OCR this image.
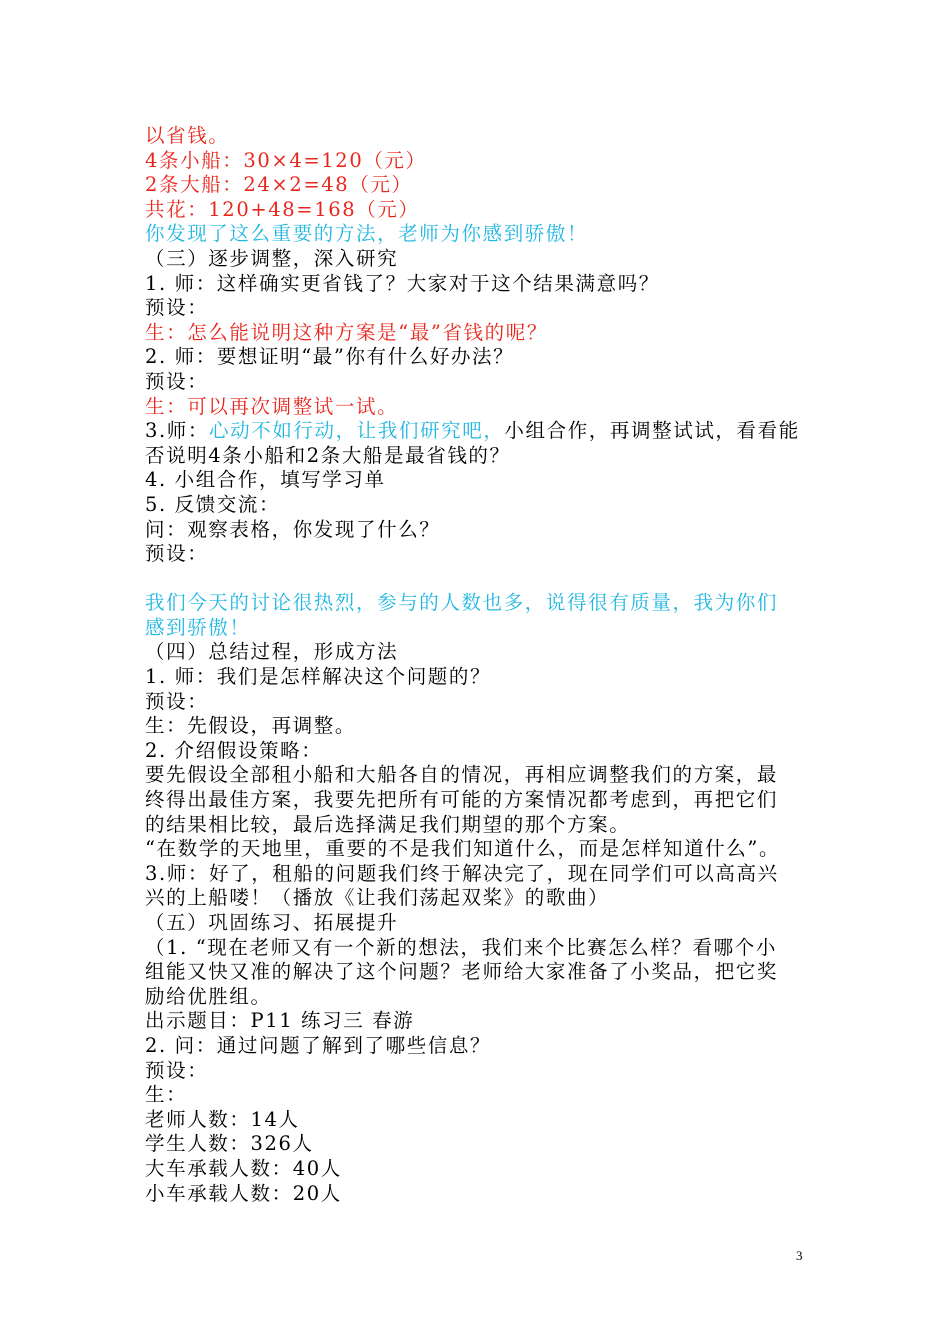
以省钱。
4条小船：30×4=120（元）
2条大船：24×2=48（元）
共花：120+48=168（元）
你发现了这么重要的方法，老师为你感到骄傲！
（三）逐步调整，深入研究
1. 师：这样确实更省钱了？大家对于这个结果满意吗？
预设：
生：怎么能说明这种方案是“最”省钱的呢？
2. 师：要想证明“最”你有什么好办法？
预设：
生：可以再次调整试一试。
3.师：心动不如行动，让我们研究吧，小组合作，再调整试试，看看能
否说明4条小船和2条大船是最省钱的？
4. 小组合作，填写学习单
5. 反馈交流：
问：观察表格，你发现了什么？
预设：
我们今天的讨论很热烈，参与的人数也多，说得很有质量，我为你们
感到骄傲！
（四）总结过程，形成方法
1. 师：我们是怎样解决这个问题的？
预设：
生：先假设，再调整。
2. 介绍假设策略：
要先假设全部租小船和大船各自的情况，再相应调整我们的方案，最
终得出最佳方案，我要先把所有可能的方案情况都考虑到，再把它们
的结果相比较，最后选择满足我们期望的那个方案。
“在数学的天地里，重要的不是我们知道什么，而是怎样知道什么”。
3.师：好了，租船的问题我们终于解决完了，现在同学们可以高高兴
兴的上船喽！（播放《让我们荡起双桨》的歌曲）
（五）巩固练习、拓展提升
（1. “现在老师又有一个新的想法，我们来个比赛怎么样？看哪个小
组能又快又准的解决了这个问题？老师给大家准备了小奖品，把它奖
励给优胜组。
出示题目：P11 练习三 春游
2. 问：通过问题了解到了哪些信息？
预设：
生：
老师人数：14人
学生人数：326人
大车承载人数：40人
小车承载人数：20人
3
